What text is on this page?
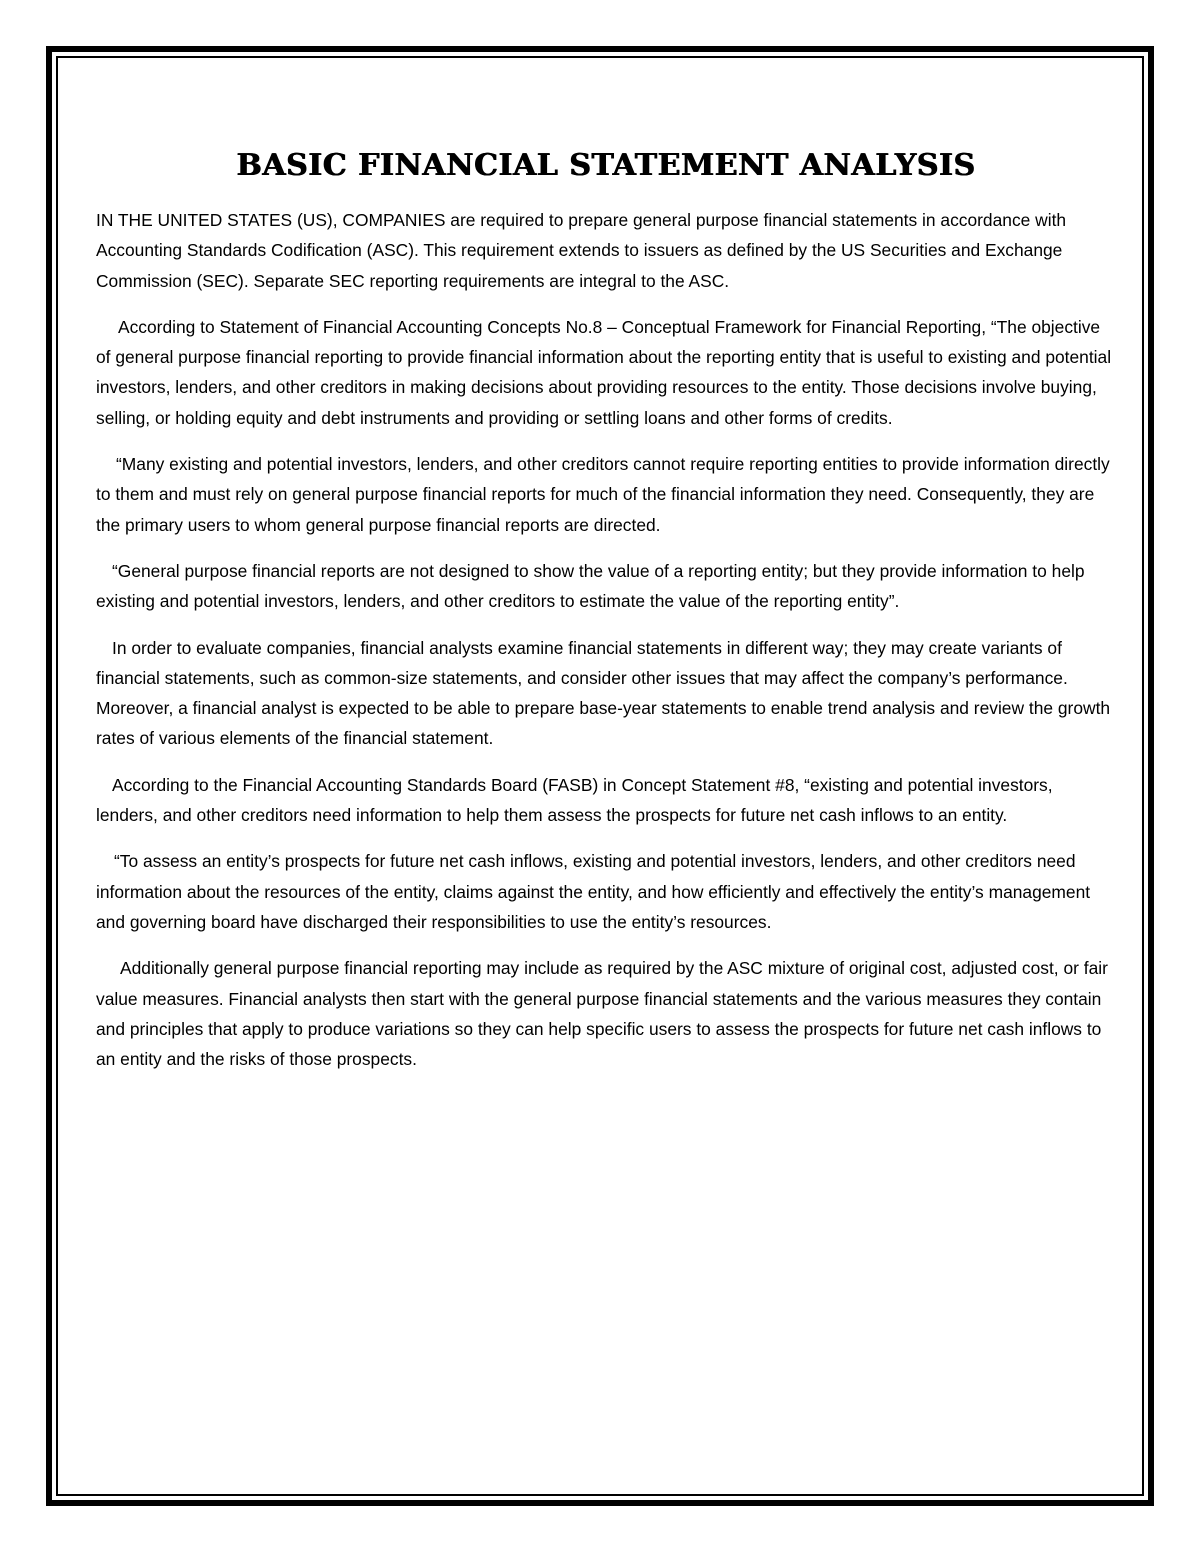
BASIC FINANCIAL STATEMENT ANALYSIS

IN THE UNITED STATES (US), COMPANIES are required to prepare general purpose financial statements in accordance with Accounting Standards Codification (ASC). This requirement extends to issuers as defined by the US Securities and Exchange Commission (SEC). Separate SEC reporting requirements are integral to the ASC.

According to Statement of Financial Accounting Concepts No.8 – Conceptual Framework for Financial Reporting, “The objective of general purpose financial reporting to provide financial information about the reporting entity that is useful to existing and potential investors, lenders, and other creditors in making decisions about providing resources to the entity. Those decisions involve buying, selling, or holding equity and debt instruments and providing or settling loans and other forms of credits.

“Many existing and potential investors, lenders, and other creditors cannot require reporting entities to provide information directly to them and must rely on general purpose financial reports for much of the financial information they need. Consequently, they are the primary users to whom general purpose financial reports are directed.

“General purpose financial reports are not designed to show the value of a reporting entity; but they provide information to help existing and potential investors, lenders, and other creditors to estimate the value of the reporting entity”.

In order to evaluate companies, financial analysts examine financial statements in different way; they may create variants of financial statements, such as common-size statements, and consider other issues that may affect the company’s performance. Moreover, a financial analyst is expected to be able to prepare base-year statements to enable trend analysis and review the growth rates of various elements of the financial statement.

According to the Financial Accounting Standards Board (FASB) in Concept Statement #8, “existing and potential investors, lenders, and other creditors need information to help them assess the prospects for future net cash inflows to an entity.

“To assess an entity’s prospects for future net cash inflows, existing and potential investors, lenders, and other creditors need information about the resources of the entity, claims against the entity, and how efficiently and effectively the entity’s management and governing board have discharged their responsibilities to use the entity’s resources.

Additionally general purpose financial reporting may include as required by the ASC mixture of original cost, adjusted cost, or fair value measures. Financial analysts then start with the general purpose financial statements and the various measures they contain and principles that apply to produce variations so they can help specific users to assess the prospects for future net cash inflows to an entity and the risks of those prospects.
